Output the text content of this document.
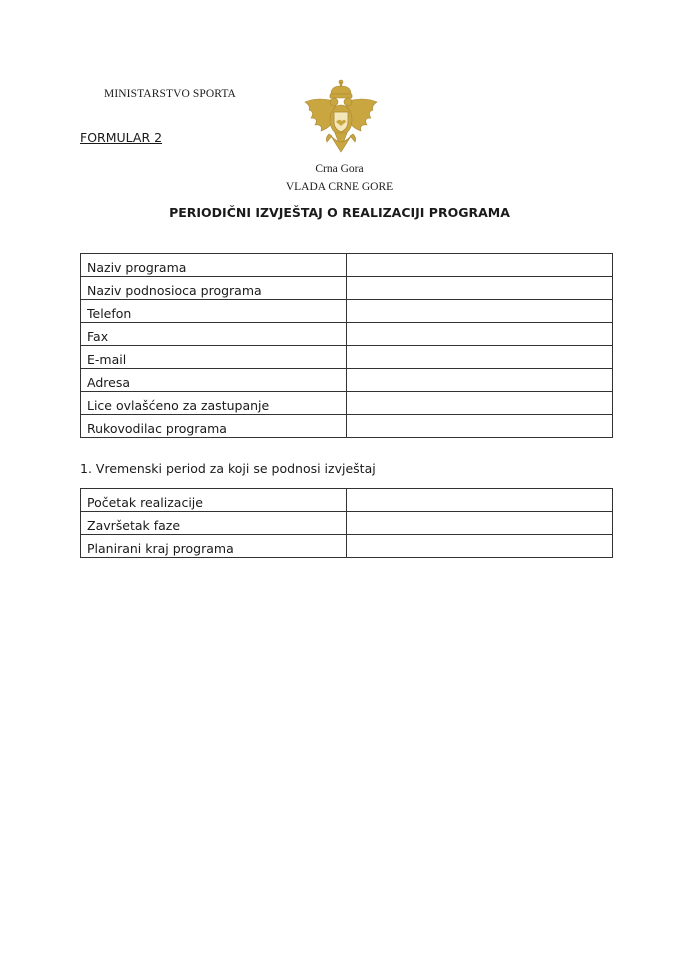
MINISTARSTVO SPORTA
FORMULAR 2
Crna Gora
VLADA CRNE GORE
PERIODIČNI IZVJEŠTAJ O REALIZACIJI PROGRAMA
Naziv programa	
Naziv podnosioca programa	
Telefon	
Fax	
E-mail	
Adresa	
Lice ovlašćeno za zastupanje	
Rukovodilac programa	
1. Vremenski period za koji se podnosi izvještaj
Početak realizacije	
Završetak faze	
Planirani kraj programa	
